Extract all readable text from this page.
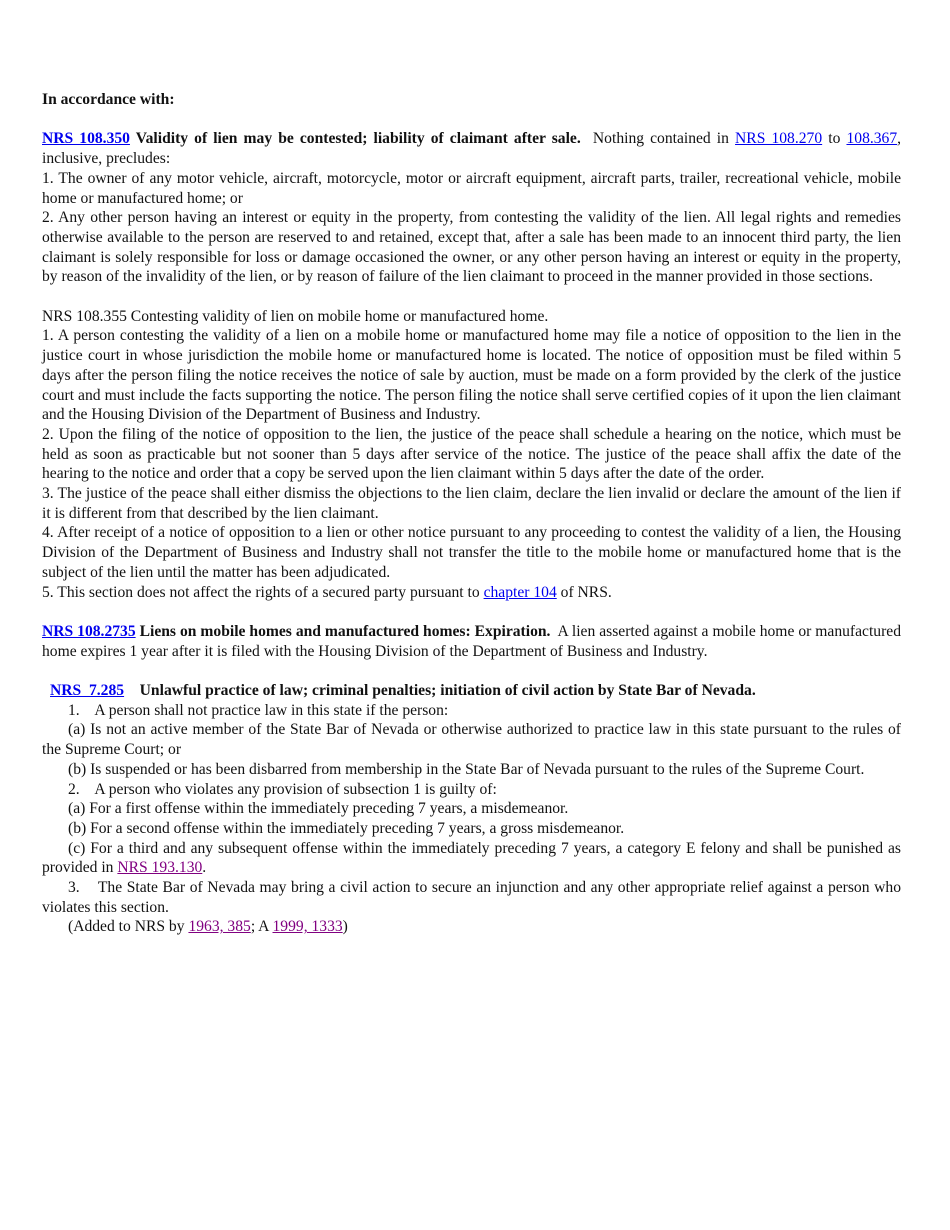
In accordance with:

NRS 108.350 Validity of lien may be contested; liability of claimant after sale. Nothing contained in NRS 108.270 to 108.367, inclusive, precludes:

1. The owner of any motor vehicle, aircraft, motorcycle, motor or aircraft equipment, aircraft parts, trailer, recreational vehicle, mobile home or manufactured home; or

2. Any other person having an interest or equity in the property, from contesting the validity of the lien. All legal rights and remedies otherwise available to the person are reserved to and retained, except that, after a sale has been made to an innocent third party, the lien claimant is solely responsible for loss or damage occasioned the owner, or any other person having an interest or equity in the property, by reason of the invalidity of the lien, or by reason of failure of the lien claimant to proceed in the manner provided in those sections.

NRS 108.355 Contesting validity of lien on mobile home or manufactured home.

1. A person contesting the validity of a lien on a mobile home or manufactured home may file a notice of opposition to the lien in the justice court in whose jurisdiction the mobile home or manufactured home is located. The notice of opposition must be filed within 5 days after the person filing the notice receives the notice of sale by auction, must be made on a form provided by the clerk of the justice court and must include the facts supporting the notice. The person filing the notice shall serve certified copies of it upon the lien claimant and the Housing Division of the Department of Business and Industry.

2. Upon the filing of the notice of opposition to the lien, the justice of the peace shall schedule a hearing on the notice, which must be held as soon as practicable but not sooner than 5 days after service of the notice. The justice of the peace shall affix the date of the hearing to the notice and order that a copy be served upon the lien claimant within 5 days after the date of the order.

3. The justice of the peace shall either dismiss the objections to the lien claim, declare the lien invalid or declare the amount of the lien if it is different from that described by the lien claimant.

4. After receipt of a notice of opposition to a lien or other notice pursuant to any proceeding to contest the validity of a lien, the Housing Division of the Department of Business and Industry shall not transfer the title to the mobile home or manufactured home that is the subject of the lien until the matter has been adjudicated.

5. This section does not affect the rights of a secured party pursuant to chapter 104 of NRS.

NRS 108.2735 Liens on mobile homes and manufactured homes: Expiration. A lien asserted against a mobile home or manufactured home expires 1 year after it is filed with the Housing Division of the Department of Business and Industry.

NRS  7.285 Unlawful practice of law; criminal penalties; initiation of civil action by State Bar of Nevada.

1.    A person shall not practice law in this state if the person:

(a) Is not an active member of the State Bar of Nevada or otherwise authorized to practice law in this state pursuant to the rules of the Supreme Court; or

(b) Is suspended or has been disbarred from membership in the State Bar of Nevada pursuant to the rules of the Supreme Court.

2.    A person who violates any provision of subsection 1 is guilty of:

(a) For a first offense within the immediately preceding 7 years, a misdemeanor.

(b) For a second offense within the immediately preceding 7 years, a gross misdemeanor.

(c) For a third and any subsequent offense within the immediately preceding 7 years, a category E felony and shall be punished as provided in NRS 193.130.

3.    The State Bar of Nevada may bring a civil action to secure an injunction and any other appropriate relief against a person who violates this section.

(Added to NRS by 1963, 385; A 1999, 1333)
